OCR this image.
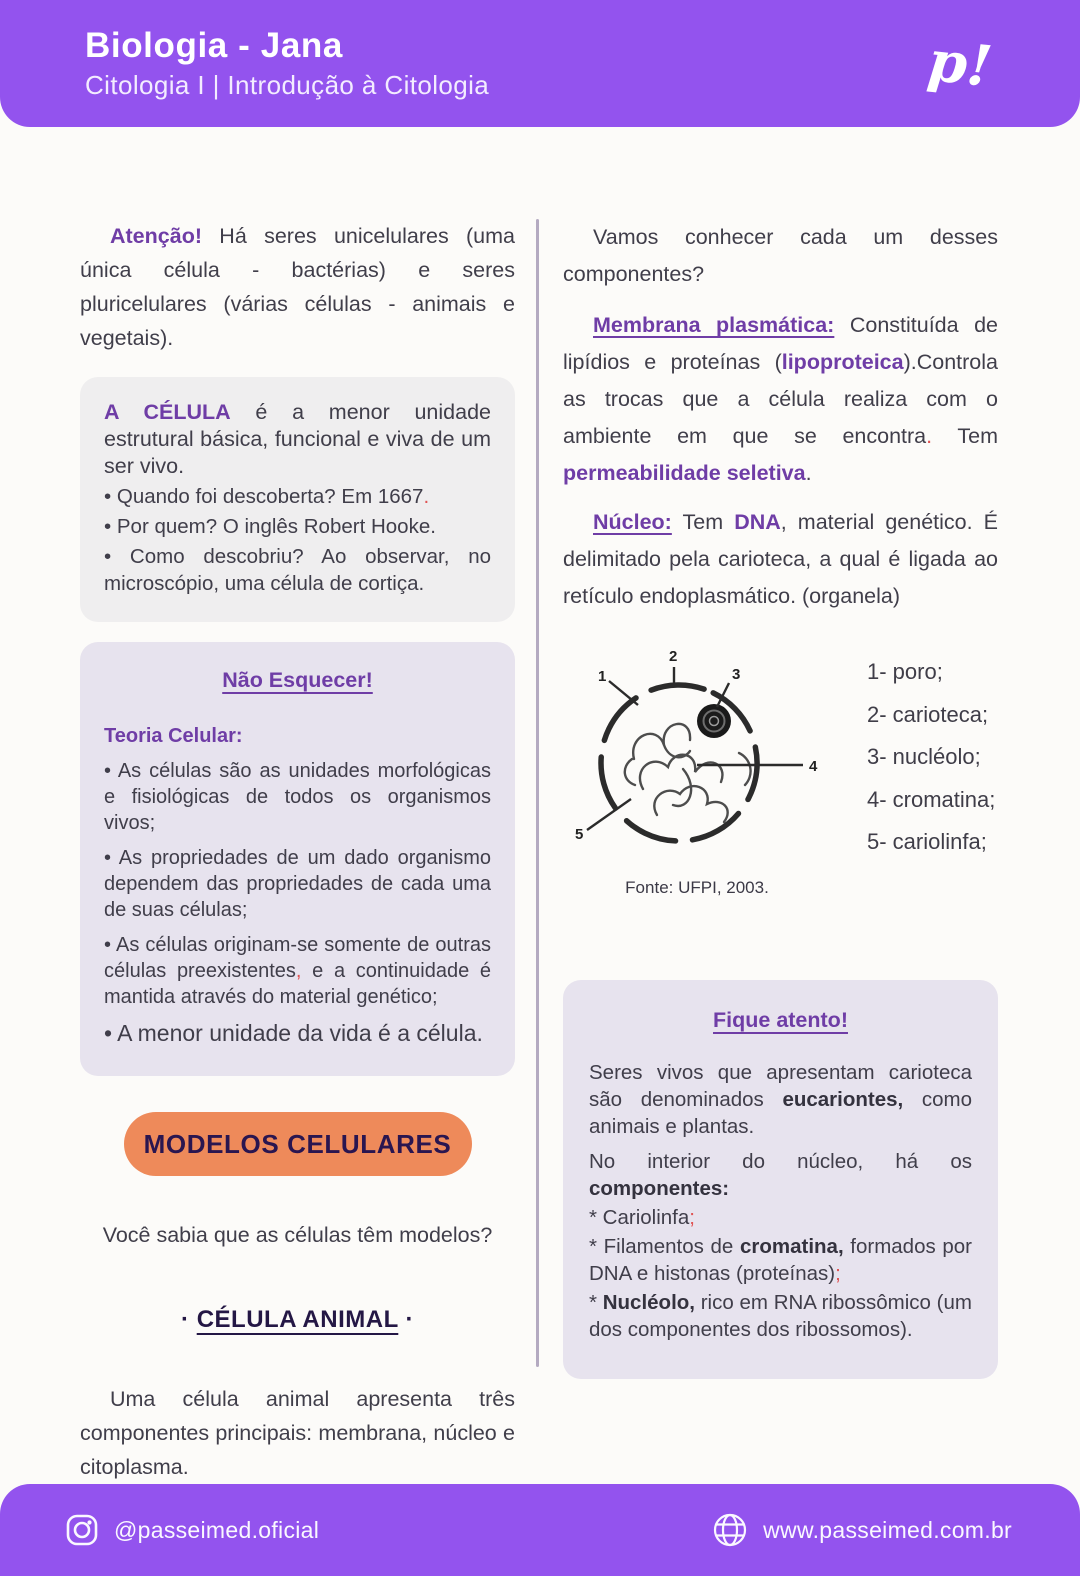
Biologia - Jana
Citologia I | Introdução à Citologia	p!

Atenção! Há seres unicelulares (uma única célula - bactérias) e seres pluricelulares (várias células - animais e vegetais).

A CÉLULA é a menor unidade estrutural básica, funcional e viva de um ser vivo.

• Quando foi descoberta? Em 1667.

• Por quem? O inglês Robert Hooke.

• Como descobriu? Ao observar, no microscópio, uma célula de cortiça.

Não Esquecer!

Teoria Celular:

• As células são as unidades morfológicas e fisiológicas de todos os organismos vivos;

• As propriedades de um dado organismo dependem das propriedades de cada uma de suas células;

• As células originam-se somente de outras células preexistentes, e a continuidade é mantida através do material genético;

• A menor unidade da vida é a célula.

MODELOS CELULARES

Você sabia que as células têm modelos?

· CÉLULA ANIMAL ·

Uma célula animal apresenta três componentes principais: membrana, núcleo e citoplasma.

Vamos conhecer cada um desses componentes?

Membrana plasmática: Constituída de lipídios e proteínas (lipoproteica).Controla as trocas que a célula realiza com o ambiente em que se encontra. Tem permeabilidade seletiva.

Núcleo: Tem DNA, material genético. É delimitado pela carioteca, a qual é ligada ao retículo endoplasmático. (organela)

1
2
3
4
5

Fonte: UFPI, 2003.

1- poro;
2- carioteca;
3- nucléolo;
4- cromatina;
5- cariolinfa;
Fique atento!

Seres vivos que apresentam carioteca são denominados eucariontes, como animais e plantas.

No interior do núcleo, há os componentes:

* Cariolinfa;

* Filamentos de cromatina, formados por DNA e histonas (proteínas);

* Nucléolo, rico em RNA ribossômico (um dos componentes dos ribossomos).

@passeimed.oficial	www.passeimed.com.br
